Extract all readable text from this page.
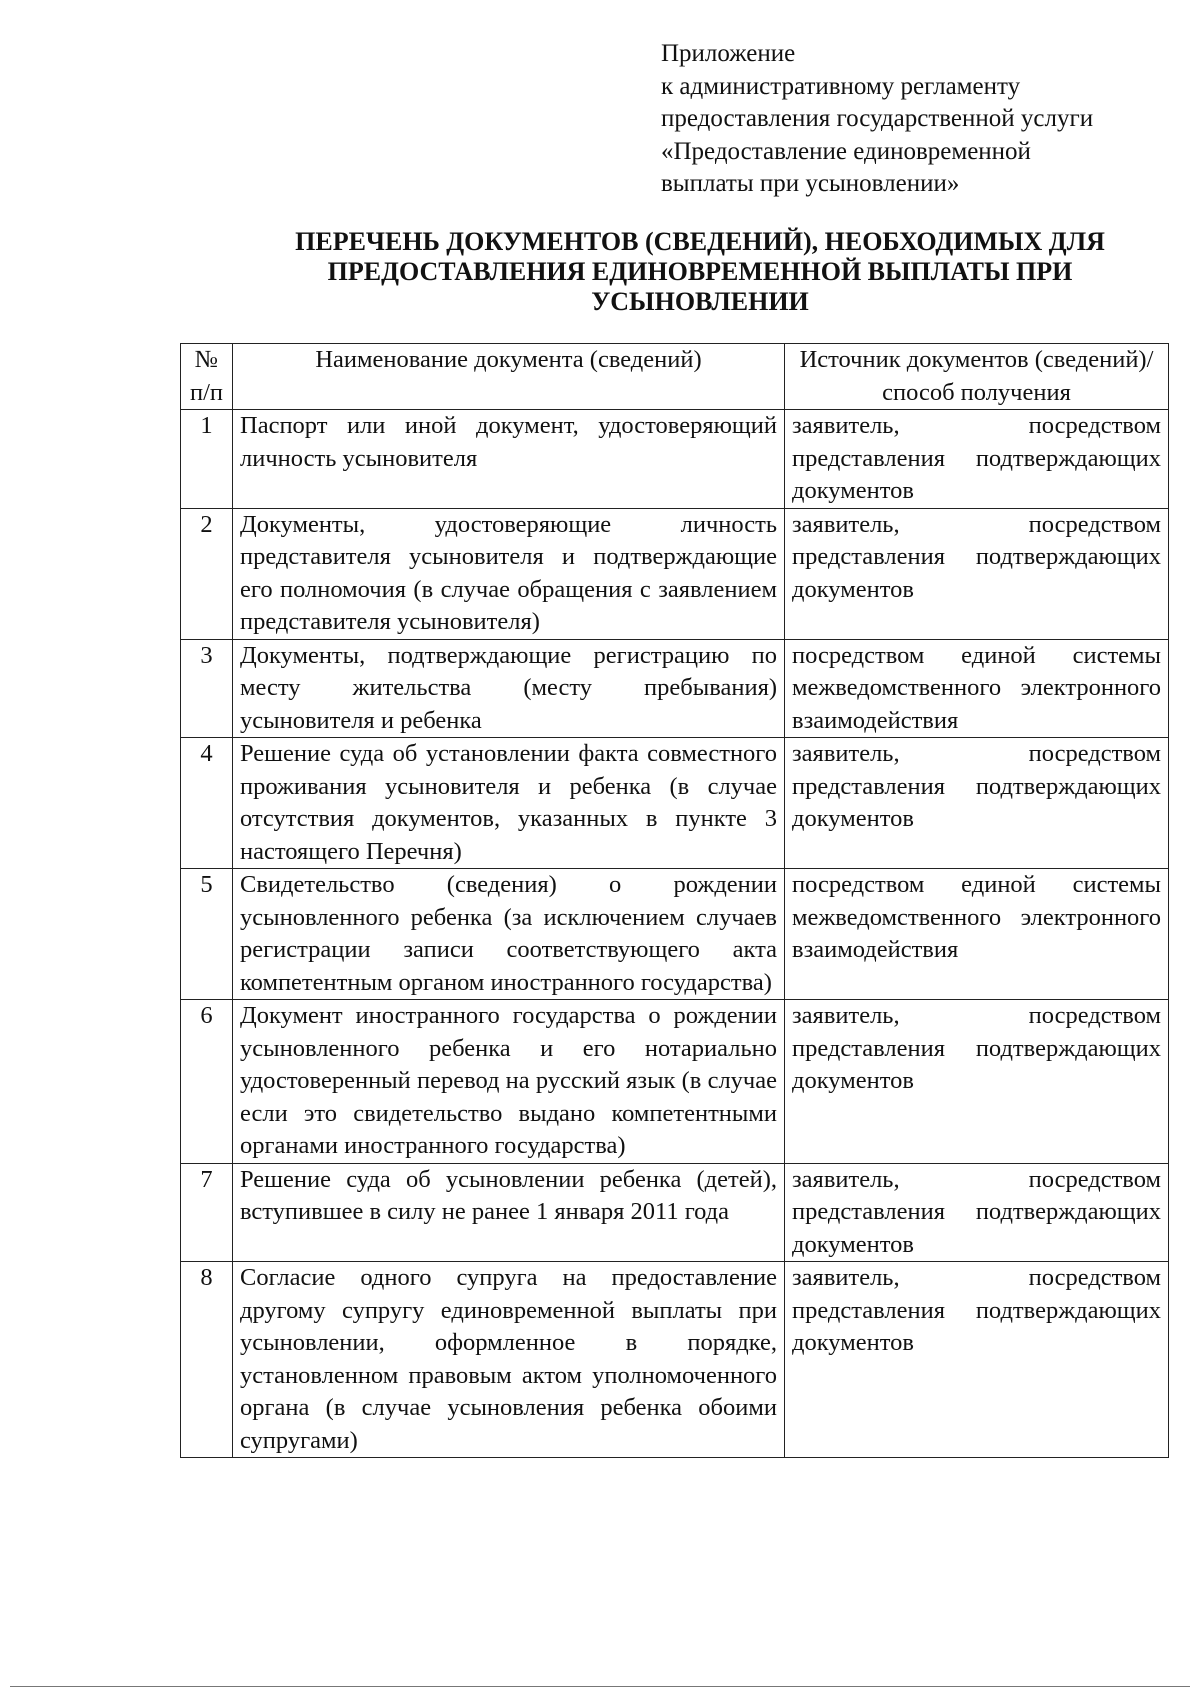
Приложение
к административному регламенту
предоставления государственной услуги
«Предоставление единовременной
выплаты при усыновлении»
ПЕРЕЧЕНЬ ДОКУМЕНТОВ (СВЕДЕНИЙ), НЕОБХОДИМЫХ ДЛЯ
ПРЕДОСТАВЛЕНИЯ ЕДИНОВРЕМЕННОЙ ВЫПЛАТЫ ПРИ
УСЫНОВЛЕНИИ
№ п/п	Наименование документа (сведений)	Источник документов (сведений)/способ получения
1	Паспорт или иной документ, удостоверяющий личность усыновителя	заявитель, посредством представления подтверждающих документов
2	Документы, удостоверяющие личность представителя усыновителя и подтверждающие его полномочия (в случае обращения с заявлением представителя усыновителя)	заявитель, посредством представления подтверждающих документов
3	Документы, подтверждающие регистрацию по месту жительства (месту пребывания) усыновителя и ребенка	посредством единой системы межведомственного электронного взаимодействия
4	Решение суда об установлении факта совместного проживания усыновителя и ребенка (в случае отсутствия документов, указанных в пункте 3 настоящего Перечня)	заявитель, посредством представления подтверждающих документов
5	Свидетельство (сведения) о рождении усыновленного ребенка (за исключением случаев регистрации записи соответствующего акта компетентным органом иностранного государства)	посредством единой системы межведомственного электронного взаимодействия
6	Документ иностранного государства о рождении усыновленного ребенка и его нотариально удостоверенный перевод на русский язык (в случае если это свидетельство выдано компетентными органами иностранного государства)	заявитель, посредством представления подтверждающих документов
7	Решение суда об усыновлении ребенка (детей), вступившее в силу не ранее 1 января 2011 года	заявитель, посредством представления подтверждающих документов
8	Согласие одного супруга на предоставление другому супругу единовременной выплаты при усыновлении, оформленное в порядке, установленном правовым актом уполномоченного органа (в случае усыновления ребенка обоими супругами)	заявитель, посредством представления подтверждающих документов
